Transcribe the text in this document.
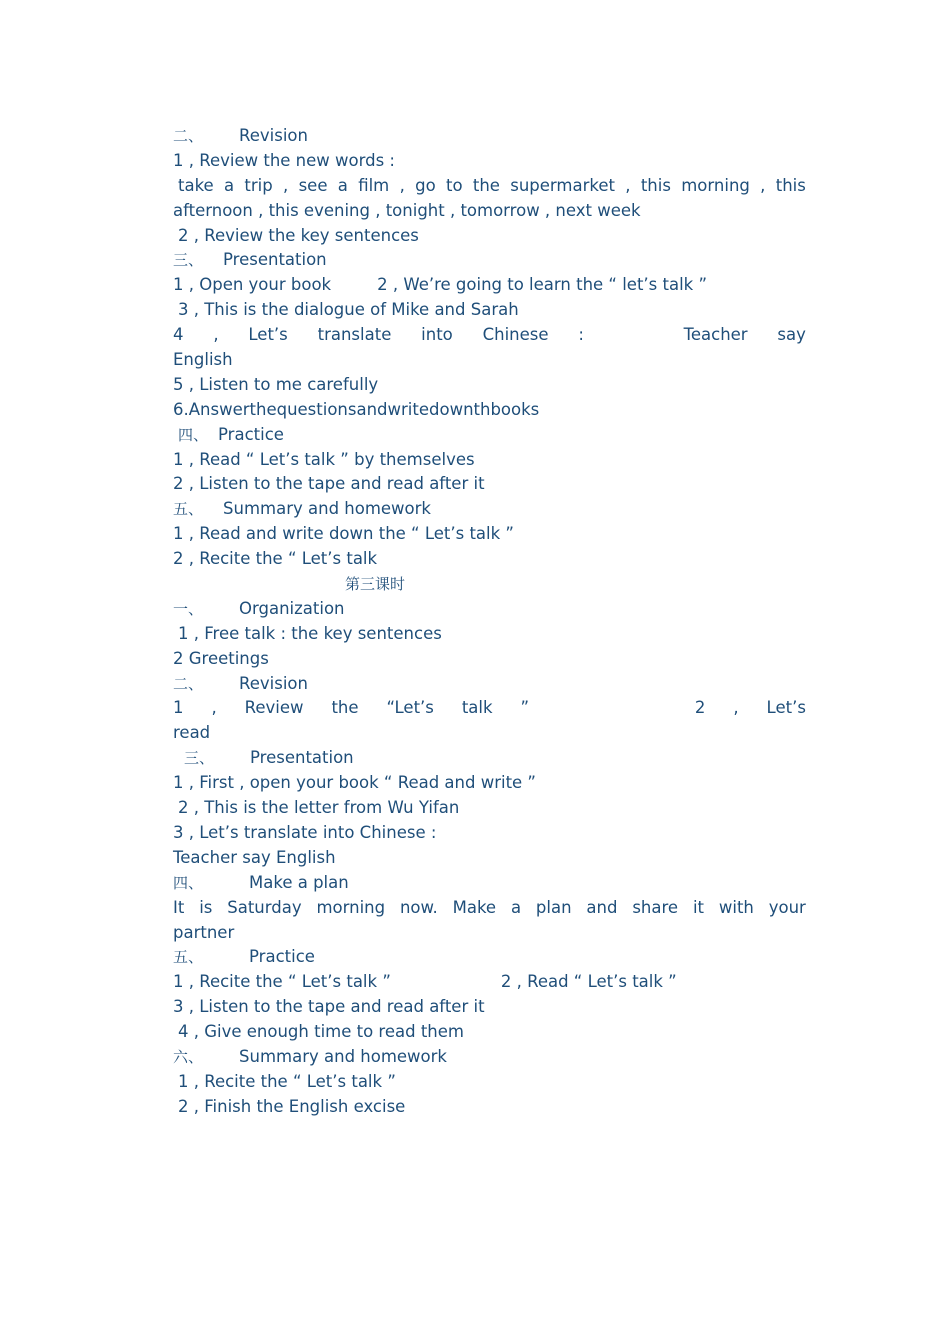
二、 Revision
1 , Review the new words :
take a trip , see a film , go to the supermarket , this morning , this
afternoon , this evening , tonight , tomorrow , next week
2 , Review the key sentences
三、 Presentation
1 , Open your book	2 , We’re going to learn the “ let’s talk ”
3 , This is the dialogue of Mike and Sarah
4 , Let’s translate into Chinese :	Teacher say
English
5 , Listen to me carefully
6.Answerthequestionsandwritedownthbooks
四、 Practice
1 , Read “ Let’s talk ” by themselves
2 , Listen to the tape and read after it
五、 Summary and homework
1 , Read and write down the “ Let’s talk ”
2 , Recite the “ Let’s talk
第三课时
一、 Organization
1 , Free talk : the key sentences
2 Greetings
二、 Revision
1 , Review the “Let’s talk ”	2 , Let’s
read
三、 Presentation
1 , First , open your book “ Read and write ”
2 , This is the letter from Wu Yifan
3 , Let’s translate into Chinese :
Teacher say English
四、	Make a plan
It is Saturday morning now. Make a plan and share it with your
partner
五、	Practice
1 , Recite the “ Let’s talk ”	2 , Read “ Let’s talk ”
3 , Listen to the tape and read after it
4 , Give enough time to read them
六、 Summary and homework
1 , Recite the “ Let’s talk ”
2 , Finish the English excise
